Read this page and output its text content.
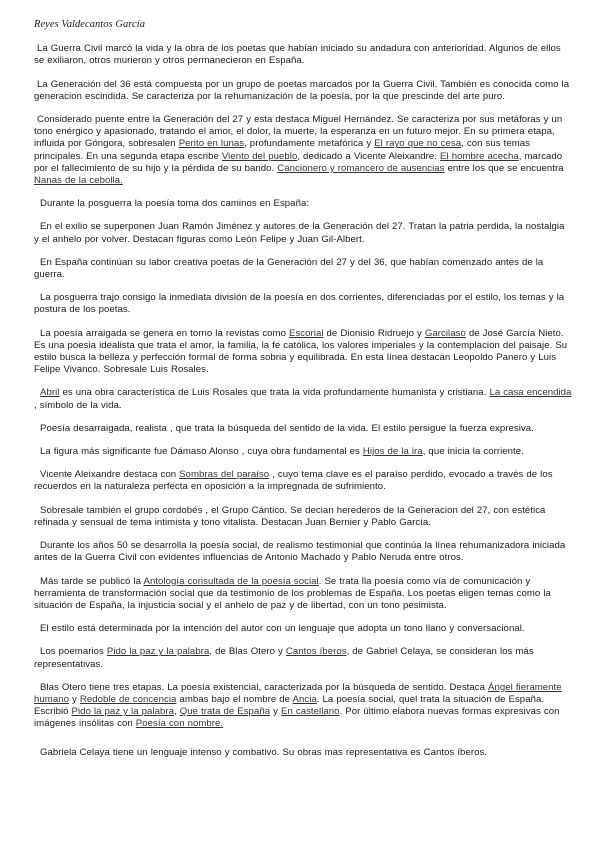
Reyes Valdecantos García

La Guerra Civil marcó la vida y la obra de los poetas que habían iniciado su andadura con anterioridad. Algunos de ellos se exiliaron, otros murieron y otros permanecieron en España.

La Generación del 36 está compuesta por un grupo de poetas marcados por la Guerra Civil. También es conocida como la generacion escindida. Se caracteriza por la rehumanización de la poesía, por la que prescinde del arte puro.

Considerado puente entre la Generación del 27 y esta destaca Miguel Hernández. Se caracteriza por sus metáforas y un tono enérgico y apasionado, tratando el amor, el dolor, la muerte, la esperanza en un futuro mejor. En su primera etapa, influida por Góngora, sobresalen Perito en lunas, profundamente metafórica y El rayo que no cesa, con sus temas principales. En una segunda etapa escribe Viento del pueblo, dedicado a Vicente Aleixandre. El hombre acecha, marcado por el fallecimiento de su hijo y la pérdida de su bando. Cancionero y romancero de ausencias entre los que se encuentra Nanas de la cebolla.

Durante la posguerra la poesía toma dos caminos en España:

En el exilio se superponen Juan Ramón Jiménez y autores de la Generación del 27. Tratan la patria perdida, la nostalgia y el anhelo por volver. Destacan figuras como León Felipe y Juan Gil-Albert.

En España continúan su labor creativa poetas de la Generación del 27 y del 36, que habían comenzado antes de la guerra.

La posguerra trajo consigo la inmediata división de la poesía en dos corrientes, diferenciadas por el estilo, los temas y la postura de los poetas.

La poesía arraigada se genera en torno la revistas como Escorial de Dionisio Ridruejo y Garcilaso de José García Nieto. Es una poesia idealista que trata el amor, la familia, la fe católica, los valores imperiales y la contemplacion del paisaje. Su estilo busca la belleza y perfección formal de forma sobria y equilibrada. En esta línea destacan Leopoldo Panero y Luis Felipe Vivanco. Sobresale Luis Rosales.

Abril es una obra característica de Luis Rosales que trata la vida profundamente humanista y cristiana. La casa encendida , símbolo de la vida.

Poesía desarraigada, realista , que trata la búsqueda del sentido de la vida. El estilo persigue la fuerza expresiva.

La figura más significante fue Dámaso Alonso , cuya obra fundamental es Hijos de la ira, que inicia la corriente.

Vicente Aleixandre destaca con Sombras del paraíso , cuyo tema clave es el paraíso perdido, evocado a través de los recuerdos en la naturaleza perfecta en oposición a la impregnada de sufrimiento.

Sobresale también el grupo cordobés , el Grupo Cántico. Se decian herederos de la Generacion del 27, con estética refinada y sensual de tema intimista y tono vitalista. Destacan Juan Bernier y Pablo García.

Durante los años 50 se desarrolla la poesía social, de realismo testimonial que continúa la línea rehumanizadora iniciada antes de la Guerra Civil con evidentes influencias de Antonio Machado y Pablo Neruda entre otros.

Más tarde se publicó la Antología consultada de la poesía social. Se trata lla poesía como vía de comunicación y herramienta de transformación social que da testimonio de los problemas de España. Los poetas eligen temas como la situación de España, la injusticia social y el anhelo de paz y de libertad, con un tono pesimista.

El estilo está determinada por la intención del autor con un lenguaje que adopta un tono llano y conversacional.

Los poemarios Pido la paz y la palabra, de Blas Otero y Cantos íberos, de Gabriel Celaya, se consideran los más representativas.

Blas Otero tiene tres etapas. La poesía existencial, caracterizada por la búsqueda de sentido. Destaca Ángel fieramente humano y Redoble de concencia ambas bajo el nombre de Ancia. La poesía social, quel trata la situación de España. Escribió Pido la paz y la palabra, Que trata de España y En castellano. Por último elabora nuevas formas expresivas con imágenes insólitas con Poesía con nombre.

Gabriela Celaya tiene un lenguaje intenso y combativo. Su obras mas representativa es Cantos íberos.
